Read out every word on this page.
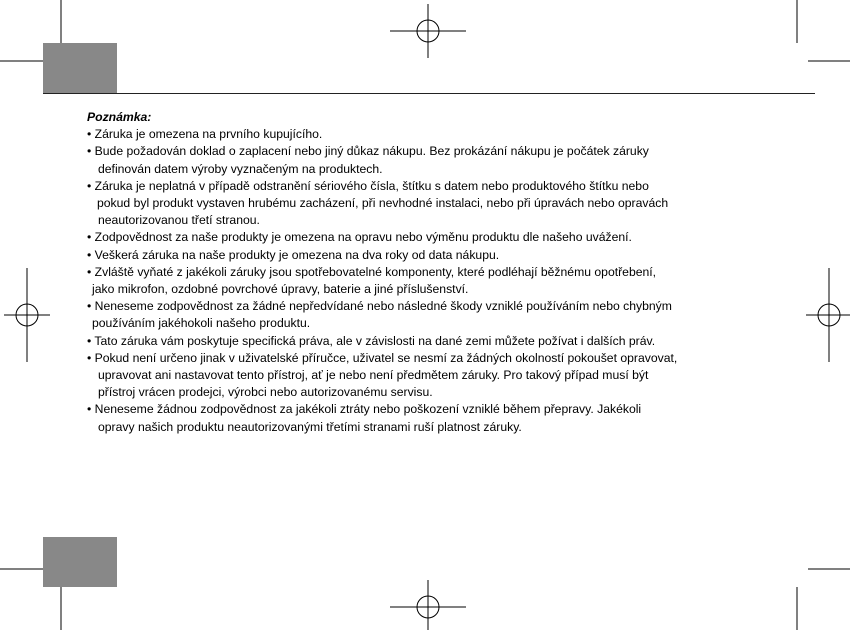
Poznámka:

• Záruka je omezena na prvního kupujícího.
• Bude požadován doklad o zaplacení nebo jiný důkaz nákupu. Bez prokázání nákupu je počátek záruky
definován datem výroby vyznačeným na produktech.
• Záruka je neplatná v případě odstranění sériového čísla, štítku s datem nebo produktového štítku nebo
pokud byl produkt vystaven hrubému zacházení, při nevhodné instalaci, nebo při úpravách nebo opravách
neautorizovanou třetí stranou.
• Zodpovědnost za naše produkty je omezena na opravu nebo výměnu produktu dle našeho uvážení.
• Veškerá záruka na naše produkty je omezena na dva roky od data nákupu.
• Zvláště vyňaté z jakékoli záruky jsou spotřebovatelné komponenty, které podléhají běžnému opotřebení,
jako mikrofon, ozdobné povrchové úpravy, baterie a jiné příslušenství.
• Neneseme zodpovědnost za žádné nepředvídané nebo následné škody vzniklé používáním nebo chybným
používáním jakéhokoli našeho produktu.
• Tato záruka vám poskytuje specifická práva, ale v závislosti na dané zemi můžete požívat i dalších práv.
• Pokud není určeno jinak v uživatelské příručce, uživatel se nesmí za žádných okolností pokoušet opravovat,
upravovat ani nastavovat tento přístroj, ať je nebo není předmětem záruky. Pro takový případ musí být
přístroj vrácen prodejci, výrobci nebo autorizovanému servisu.
• Neneseme žádnou zodpovědnost za jakékoli ztráty nebo poškození vzniklé během přepravy. Jakékoli
opravy našich produktu neautorizovanými třetími stranami ruší platnost záruky.
